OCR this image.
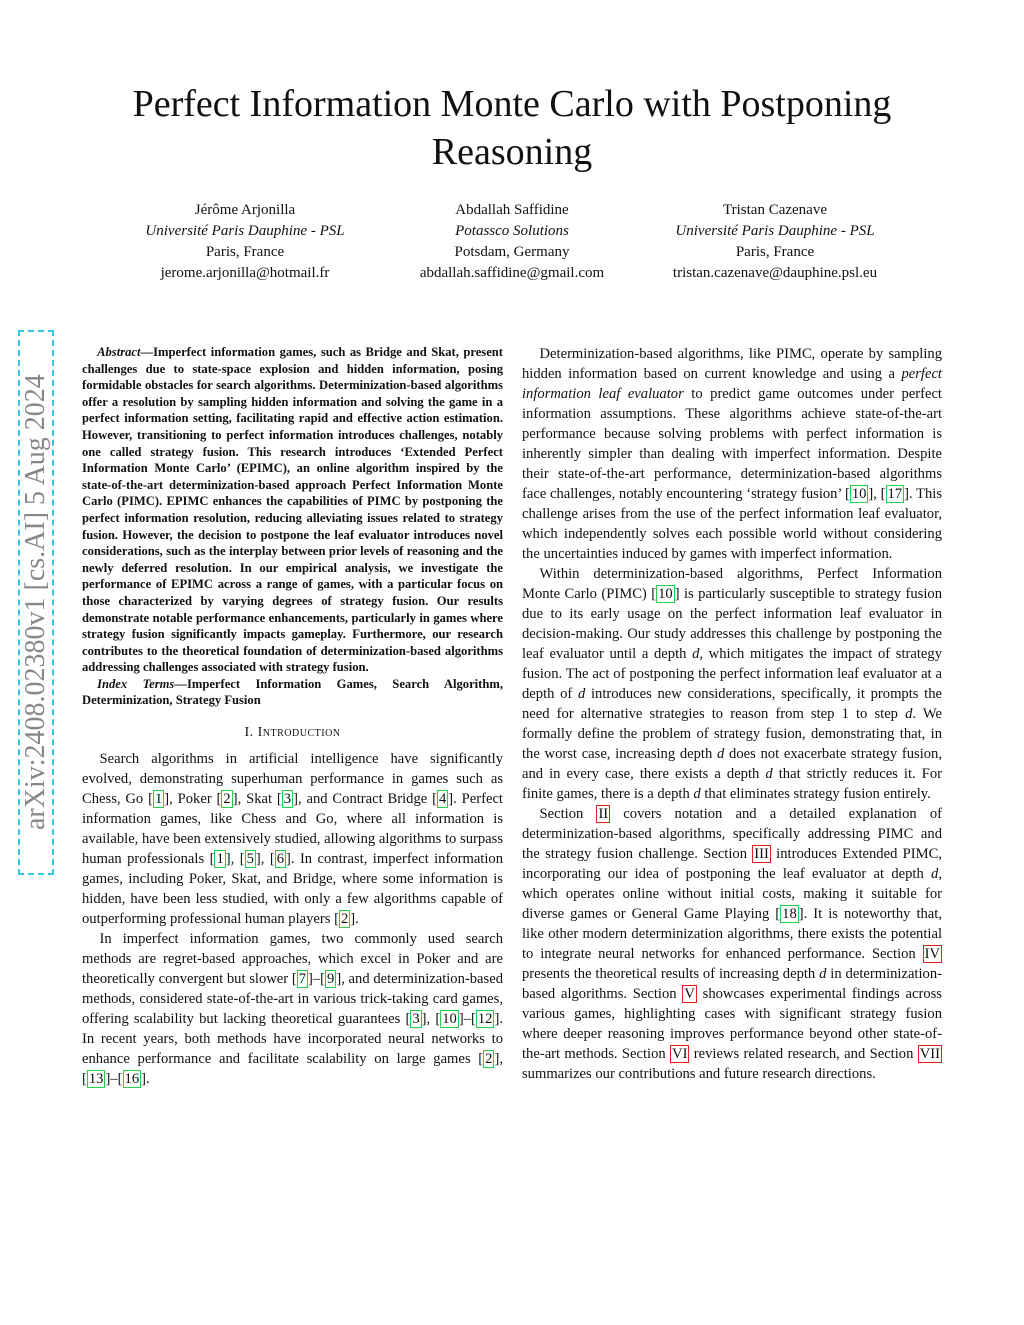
Perfect Information Monte Carlo with Postponing Reasoning
Jérôme Arjonilla
Université Paris Dauphine - PSL
Paris, France
jerome.arjonilla@hotmail.fr
Abdallah Saffidine
Potassco Solutions
Potsdam, Germany
abdallah.saffidine@gmail.com
Tristan Cazenave
Université Paris Dauphine - PSL
Paris, France
tristan.cazenave@dauphine.psl.eu
arXiv:2408.02380v1 [cs.AI] 5 Aug 2024

Abstract—Imperfect information games, such as Bridge and Skat, present challenges due to state-space explosion and hidden information, posing formidable obstacles for search algorithms. Determinization-based algorithms offer a resolution by sampling hidden information and solving the game in a perfect information setting, facilitating rapid and effective action estimation. However, transitioning to perfect information introduces challenges, notably one called strategy fusion. This research introduces ‘Extended Perfect Information Monte Carlo’ (EPIMC), an online algorithm inspired by the state-of-the-art determinization-based approach Perfect Information Monte Carlo (PIMC). EPIMC enhances the capabilities of PIMC by postponing the perfect information resolution, reducing alleviating issues related to strategy fusion. However, the decision to postpone the leaf evaluator introduces novel considerations, such as the interplay between prior levels of reasoning and the newly deferred resolution. In our empirical analysis, we investigate the performance of EPIMC across a range of games, with a particular focus on those characterized by varying degrees of strategy fusion. Our results demonstrate notable performance enhancements, particularly in games where strategy fusion significantly impacts gameplay. Furthermore, our research contributes to the theoretical foundation of determinization-based algorithms addressing challenges associated with strategy fusion.

Index Terms—Imperfect Information Games, Search Algorithm, Determinization, Strategy Fusion

I. Introduction

Search algorithms in artificial intelligence have significantly evolved, demonstrating superhuman performance in games such as Chess, Go [ 1 ], Poker [ 2 ], Skat [ 3 ], and Contract Bridge [ 4 ]. Perfect information games, like Chess and Go, where all information is available, have been extensively studied, allowing algorithms to surpass human professionals [ 1 ], [ 5 ], [ 6 ]. In contrast, imperfect information games, including Poker, Skat, and Bridge, where some information is hidden, have been less studied, with only a few algorithms capable of outperforming professional human players [ 2 ].

In imperfect information games, two commonly used search methods are regret-based approaches, which excel in Poker and are theoretically convergent but slower [ 7 ]–[ 9 ], and determinization-based methods, considered state-of-the-art in various trick-taking card games, offering scalability but lacking theoretical guarantees [ 3 ], [ 10 ]–[ 12 ]. In recent years, both methods have incorporated neural networks to enhance performance and facilitate scalability on large games [ 2 ], [ 13 ]–[ 16 ].

Determinization-based algorithms, like PIMC, operate by sampling hidden information based on current knowledge and using a perfect information leaf evaluator to predict game outcomes under perfect information assumptions. These algorithms achieve state-of-the-art performance because solving problems with perfect information is inherently simpler than dealing with imperfect information. Despite their state-of-the-art performance, determinization-based algorithms face challenges, notably encountering ‘strategy fusion’ [ 10 ], [ 17 ]. This challenge arises from the use of the perfect information leaf evaluator, which independently solves each possible world without considering the uncertainties induced by games with imperfect information.

Within determinization-based algorithms, Perfect Information Monte Carlo (PIMC) [ 10 ] is particularly susceptible to strategy fusion due to its early usage on the perfect information leaf evaluator in decision-making. Our study addresses this challenge by postponing the leaf evaluator until a depth d, which mitigates the impact of strategy fusion. The act of postponing the perfect information leaf evaluator at a depth of d introduces new considerations, specifically, it prompts the need for alternative strategies to reason from step 1 to step d. We formally define the problem of strategy fusion, demonstrating that, in the worst case, increasing depth d does not exacerbate strategy fusion, and in every case, there exists a depth d that strictly reduces it. For finite games, there is a depth d that eliminates strategy fusion entirely.

Section II covers notation and a detailed explanation of determinization-based algorithms, specifically addressing PIMC and the strategy fusion challenge. Section III introduces Extended PIMC, incorporating our idea of postponing the leaf evaluator at depth d, which operates online without initial costs, making it suitable for diverse games or General Game Playing [ 18 ]. It is noteworthy that, like other modern determinization algorithms, there exists the potential to integrate neural networks for enhanced performance. Section IV presents the theoretical results of increasing depth d in determinization-based algorithms. Section V showcases experimental findings across various games, highlighting cases with significant strategy fusion where deeper reasoning improves performance beyond other state-of-the-art methods. Section VI reviews related research, and Section VII summarizes our contributions and future research directions.
